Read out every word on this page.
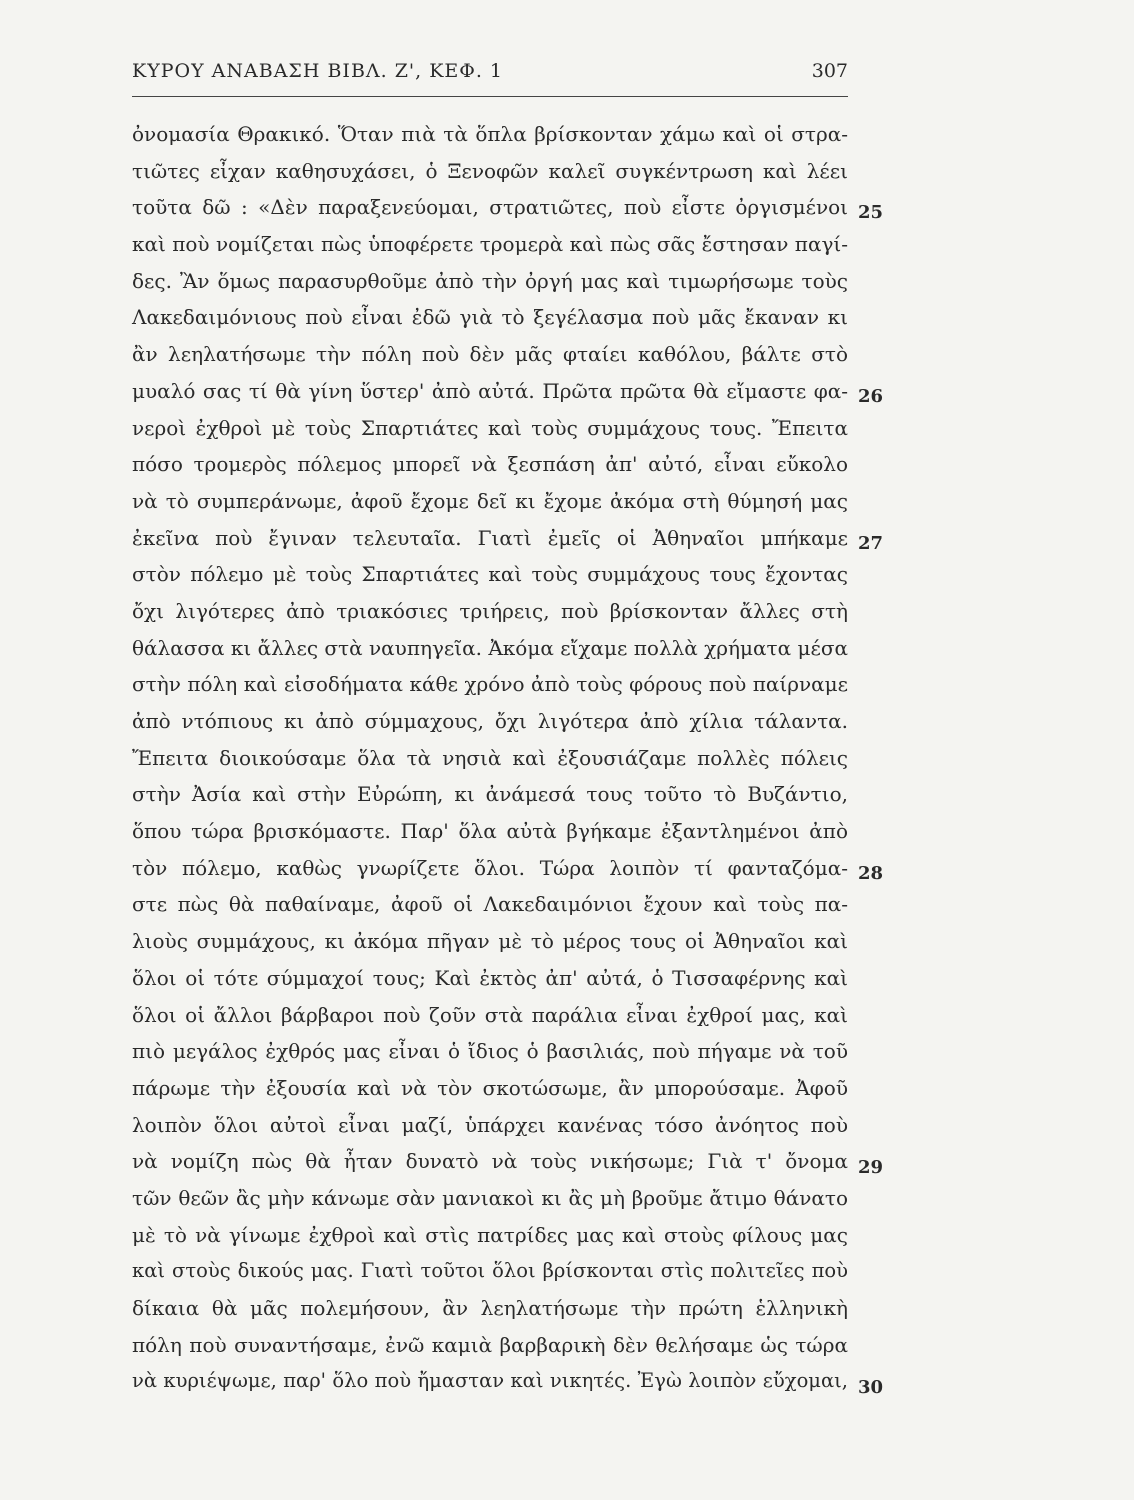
ΚΥΡΟΥ ΑΝΑΒΑΣΗ ΒΙΒΛ. Ζ', ΚΕΦ. 1	307
ὀνομασία Θρακικό. Ὅταν πιὰ τὰ ὅπλα βρίσκονταν χάμω καὶ οἱ στρα-
τιῶτες εἶχαν καθησυχάσει, ὁ Ξενοφῶν καλεῖ συγκέντρωση καὶ λέει
τοῦτα δῶ : «Δὲν παραξενεύομαι, στρατιῶτες, ποὺ εἶστε ὀργισμένοι
καὶ ποὺ νομίζεται πὼς ὑποφέρετε τρομερὰ καὶ πὼς σᾶς ἔστησαν παγί-
δες. Ἂν ὅμως παρασυρθοῦμε ἀπὸ τὴν ὀργή μας καὶ τιμωρήσωμε τοὺς
Λακεδαιμόνιους ποὺ εἶναι ἐδῶ γιὰ τὸ ξεγέλασμα ποὺ μᾶς ἔκαναν κι
ἂν λεηλατήσωμε τὴν πόλη ποὺ δὲν μᾶς φταίει καθόλου, βάλτε στὸ
μυαλό σας τί θὰ γίνη ὕστερ' ἀπὸ αὐτά. Πρῶτα πρῶτα θὰ εἴμαστε φα-
νεροὶ ἐχθροὶ μὲ τοὺς Σπαρτιάτες καὶ τοὺς συμμάχους τους. Ἔπειτα
πόσο τρομερὸς πόλεμος μπορεῖ νὰ ξεσπάση ἀπ' αὐτό, εἶναι εὔκολο
νὰ τὸ συμπεράνωμε, ἀφοῦ ἔχομε δεῖ κι ἔχομε ἀκόμα στὴ θύμησή μας
ἐκεῖνα ποὺ ἔγιναν τελευταῖα. Γιατὶ ἐμεῖς οἱ Ἀθηναῖοι μπήκαμε
στὸν πόλεμο μὲ τοὺς Σπαρτιάτες καὶ τοὺς συμμάχους τους ἔχοντας
ὄχι λιγότερες ἀπὸ τριακόσιες τριήρεις, ποὺ βρίσκονταν ἄλλες στὴ
θάλασσα κι ἄλλες στὰ ναυπηγεῖα. Ἀκόμα εἴχαμε πολλὰ χρήματα μέσα
στὴν πόλη καὶ εἰσοδήματα κάθε χρόνο ἀπὸ τοὺς φόρους ποὺ παίρναμε
ἀπὸ ντόπιους κι ἀπὸ σύμμαχους, ὄχι λιγότερα ἀπὸ χίλια τάλαντα.
Ἔπειτα διοικούσαμε ὅλα τὰ νησιὰ καὶ ἐξουσιάζαμε πολλὲς πόλεις
στὴν Ἀσία καὶ στὴν Εὐρώπη, κι ἀνάμεσά τους τοῦτο τὸ Βυζάντιο,
ὅπου τώρα βρισκόμαστε. Παρ' ὅλα αὐτὰ βγήκαμε ἐξαντλημένοι ἀπὸ
τὸν πόλεμο, καθὼς γνωρίζετε ὅλοι. Τώρα λοιπὸν τί φανταζόμα-
στε πὼς θὰ παθαίναμε, ἀφοῦ οἱ Λακεδαιμόνιοι ἔχουν καὶ τοὺς πα-
λιοὺς συμμάχους, κι ἀκόμα πῆγαν μὲ τὸ μέρος τους οἱ Ἀθηναῖοι καὶ
ὅλοι οἱ τότε σύμμαχοί τους; Καὶ ἐκτὸς ἀπ' αὐτά, ὁ Τισσαφέρνης καὶ
ὅλοι οἱ ἄλλοι βάρβαροι ποὺ ζοῦν στὰ παράλια εἶναι ἐχθροί μας, καὶ
πιὸ μεγάλος ἐχθρός μας εἶναι ὁ ἴδιος ὁ βασιλιάς, ποὺ πήγαμε νὰ τοῦ
πάρωμε τὴν ἐξουσία καὶ νὰ τὸν σκοτώσωμε, ἂν μπορούσαμε. Ἀφοῦ
λοιπὸν ὅλοι αὐτοὶ εἶναι μαζί, ὑπάρχει κανένας τόσο ἀνόητος ποὺ
νὰ νομίζη πὼς θὰ ἦταν δυνατὸ νὰ τοὺς νικήσωμε; Γιὰ τ' ὄνομα
τῶν θεῶν ἂς μὴν κάνωμε σὰν μανιακοὶ κι ἂς μὴ βροῦμε ἄτιμο θάνατο
μὲ τὸ νὰ γίνωμε ἐχθροὶ καὶ στὶς πατρίδες μας καὶ στοὺς φίλους μας
καὶ στοὺς δικούς μας. Γιατὶ τοῦτοι ὅλοι βρίσκονται στὶς πολιτεῖες ποὺ
δίκαια θὰ μᾶς πολεμήσουν, ἂν λεηλατήσωμε τὴν πρώτη ἑλληνικὴ
πόλη ποὺ συναντήσαμε, ἐνῶ καμιὰ βαρβαρικὴ δὲν θελήσαμε ὡς τώρα
νὰ κυριέψωμε, παρ' ὅλο ποὺ ἤμασταν καὶ νικητές. Ἐγὼ λοιπὸν εὔχομαι,
25
26
27
28
29
30
